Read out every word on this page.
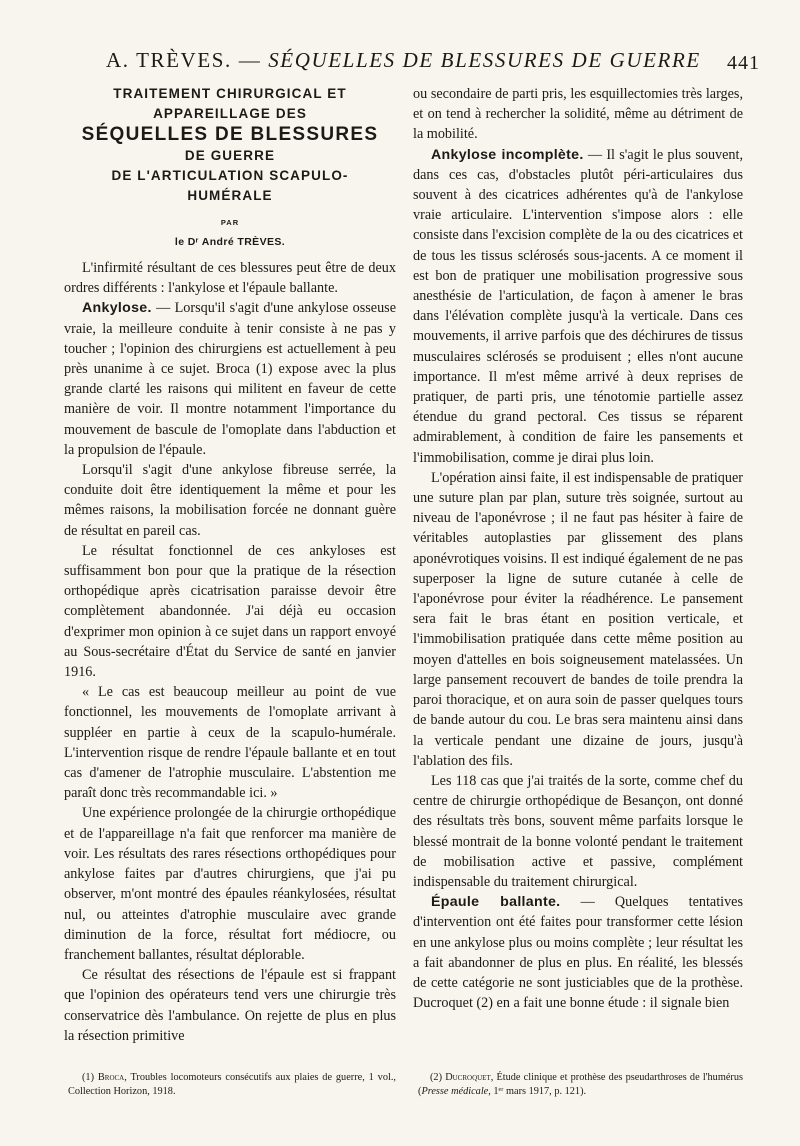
A. TRÈVES. — SÉQUELLES DE BLESSURES DE GUERRE 441
TRAITEMENT CHIRURGICAL ET
APPAREILLAGE DES
SÉQUELLES DE BLESSURES
DE GUERRE
DE L'ARTICULATION SCAPULO-
HUMÉRALE
PAR
le Dʳ André TRÈVES.

L'infirmité résultant de ces blessures peut être de deux ordres différents : l'ankylose et l'épaule ballante.

Ankylose. — Lorsqu'il s'agit d'une ankylose osseuse vraie, la meilleure conduite à tenir consiste à ne pas y toucher ; l'opinion des chirurgiens est actuellement à peu près unanime à ce sujet. Broca (1) expose avec la plus grande clarté les raisons qui militent en faveur de cette manière de voir. Il montre notamment l'importance du mouvement de bascule de l'omoplate dans l'abduction et la propulsion de l'épaule.

Lorsqu'il s'agit d'une ankylose fibreuse serrée, la conduite doit être identiquement la même et pour les mêmes raisons, la mobilisation forcée ne donnant guère de résultat en pareil cas.

Le résultat fonctionnel de ces ankyloses est suffisamment bon pour que la pratique de la résection orthopédique après cicatrisation paraisse devoir être complètement abandonnée. J'ai déjà eu occasion d'exprimer mon opinion à ce sujet dans un rapport envoyé au Sous-secrétaire d'État du Service de santé en janvier 1916.

« Le cas est beaucoup meilleur au point de vue fonctionnel, les mouvements de l'omoplate arrivant à suppléer en partie à ceux de la scapulo-humérale. L'intervention risque de rendre l'épaule ballante et en tout cas d'amener de l'atrophie musculaire. L'abstention me paraît donc très recommandable ici. »

Une expérience prolongée de la chirurgie orthopédique et de l'appareillage n'a fait que renforcer ma manière de voir. Les résultats des rares résections orthopédiques pour ankylose faites par d'autres chirurgiens, que j'ai pu observer, m'ont montré des épaules réankylosées, résultat nul, ou atteintes d'atrophie musculaire avec grande diminution de la force, résultat fort médiocre, ou franchement ballantes, résultat déplorable.

Ce résultat des résections de l'épaule est si frappant que l'opinion des opérateurs tend vers une chirurgie très conservatrice dès l'ambulance. On rejette de plus en plus la résection primitive

ou secondaire de parti pris, les esquillectomies très larges, et on tend à rechercher la solidité, même au détriment de la mobilité.

Ankylose incomplète. — Il s'agit le plus souvent, dans ces cas, d'obstacles plutôt péri-articulaires dus souvent à des cicatrices adhérentes qu'à de l'ankylose vraie articulaire. L'intervention s'impose alors : elle consiste dans l'excision complète de la ou des cicatrices et de tous les tissus sclérosés sous-jacents. A ce moment il est bon de pratiquer une mobilisation progressive sous anesthésie de l'articulation, de façon à amener le bras dans l'élévation complète jusqu'à la verticale. Dans ces mouvements, il arrive parfois que des déchirures de tissus musculaires sclérosés se produisent ; elles n'ont aucune importance. Il m'est même arrivé à deux reprises de pratiquer, de parti pris, une ténotomie partielle assez étendue du grand pectoral. Ces tissus se réparent admirablement, à condition de faire les pansements et l'immobilisation, comme je dirai plus loin.

L'opération ainsi faite, il est indispensable de pratiquer une suture plan par plan, suture très soignée, surtout au niveau de l'aponévrose ; il ne faut pas hésiter à faire de véritables autoplasties par glissement des plans aponévrotiques voisins. Il est indiqué également de ne pas superposer la ligne de suture cutanée à celle de l'aponévrose pour éviter la réadhérence. Le pansement sera fait le bras étant en position verticale, et l'immobilisation pratiquée dans cette même position au moyen d'attelles en bois soigneusement matelassées. Un large pansement recouvert de bandes de toile prendra la paroi thoracique, et on aura soin de passer quelques tours de bande autour du cou. Le bras sera maintenu ainsi dans la verticale pendant une dizaine de jours, jusqu'à l'ablation des fils.

Les 118 cas que j'ai traités de la sorte, comme chef du centre de chirurgie orthopédique de Besançon, ont donné des résultats très bons, souvent même parfaits lorsque le blessé montrait de la bonne volonté pendant le traitement de mobilisation active et passive, complément indispensable du traitement chirurgical.

Épaule ballante. — Quelques tentatives d'intervention ont été faites pour transformer cette lésion en une ankylose plus ou moins complète ; leur résultat les a fait abandonner de plus en plus. En réalité, les blessés de cette catégorie ne sont justiciables que de la prothèse. Ducroquet (2) en a fait une bonne étude : il signale bien

(1) Broca, Troubles locomoteurs consécutifs aux plaies de guerre, 1 vol., Collection Horizon, 1918.
(2) Ducroquet, Étude clinique et prothèse des pseudarthroses de l'humérus (Presse médicale, 1ᵉʳ mars 1917, p. 121).
